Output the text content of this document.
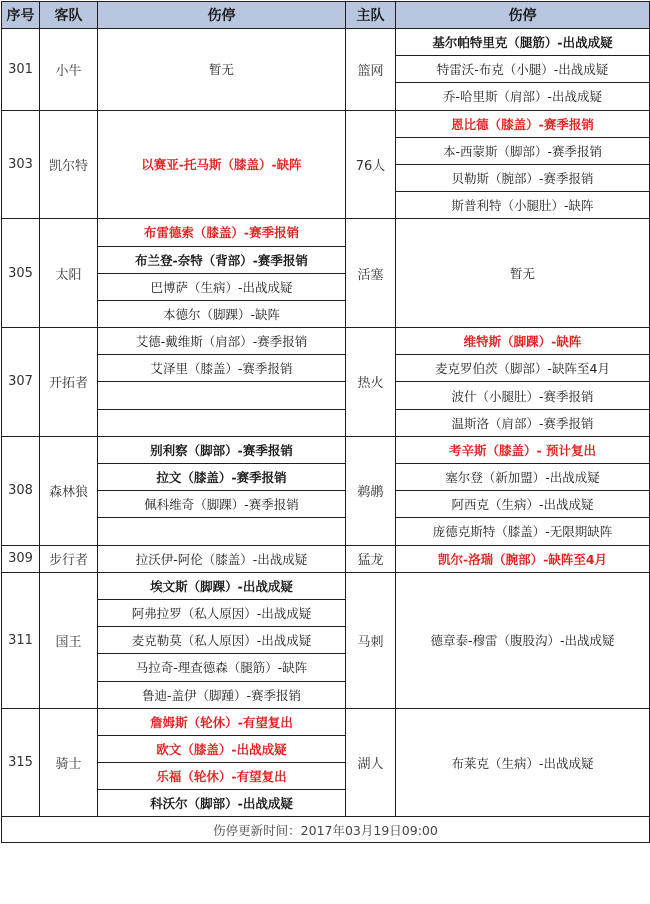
序号	客队	伤停	主队	伤停
301	小牛	暂无	篮网	基尔帕特里克（腿筋）-出战成疑
				特雷沃-布克（小腿）-出战成疑
				乔-哈里斯（肩部）-出战成疑
303	凯尔特	以赛亚-托马斯（膝盖）-缺阵	76人	恩比德（膝盖）-赛季报销
				本-西蒙斯（脚部）-赛季报销
				贝勒斯（腕部）-赛季报销
				斯普利特（小腿肚）-缺阵
305	太阳	布雷德索（膝盖）-赛季报销	活塞	暂无
		布兰登-奈特（背部）-赛季报销		
		巴博萨（生病）-出战成疑		
		本德尔（脚踝）-缺阵		
307	开拓者	艾德-戴维斯（肩部）-赛季报销	热火	维特斯（脚踝）-缺阵
		艾泽里（膝盖）-赛季报销		麦克罗伯茨（脚部）-缺阵至4月
				波什（小腿肚）-赛季报销
				温斯洛（肩部）-赛季报销
308	森林狼	别利察（脚部）-赛季报销	鹈鹕	考辛斯（膝盖）- 预计复出
		拉文（膝盖）-赛季报销		塞尔登（新加盟）-出战成疑
		佩科维奇（脚踝）-赛季报销		阿西克（生病）-出战成疑
				庞德克斯特（膝盖）-无限期缺阵
309	步行者	拉沃伊-阿伦（膝盖）-出战成疑	猛龙	凯尔-洛瑞（腕部）-缺阵至4月
311	国王	埃文斯（脚踝）-出战成疑	马刺	德章泰-穆雷（腹股沟）-出战成疑
		阿弗拉罗（私人原因）-出战成疑		
		麦克勒莫（私人原因）-出战成疑		
		马拉奇-理查德森（腿筋）-缺阵		
		鲁迪-盖伊（脚踵）-赛季报销		
315	骑士	詹姆斯（轮休）-有望复出	湖人	布莱克（生病）-出战成疑
		欧文（膝盖）-出战成疑		
		乐福（轮休）-有望复出		
		科沃尔（脚部）-出战成疑		
伤停更新时间：2017年03月19日09:00				
